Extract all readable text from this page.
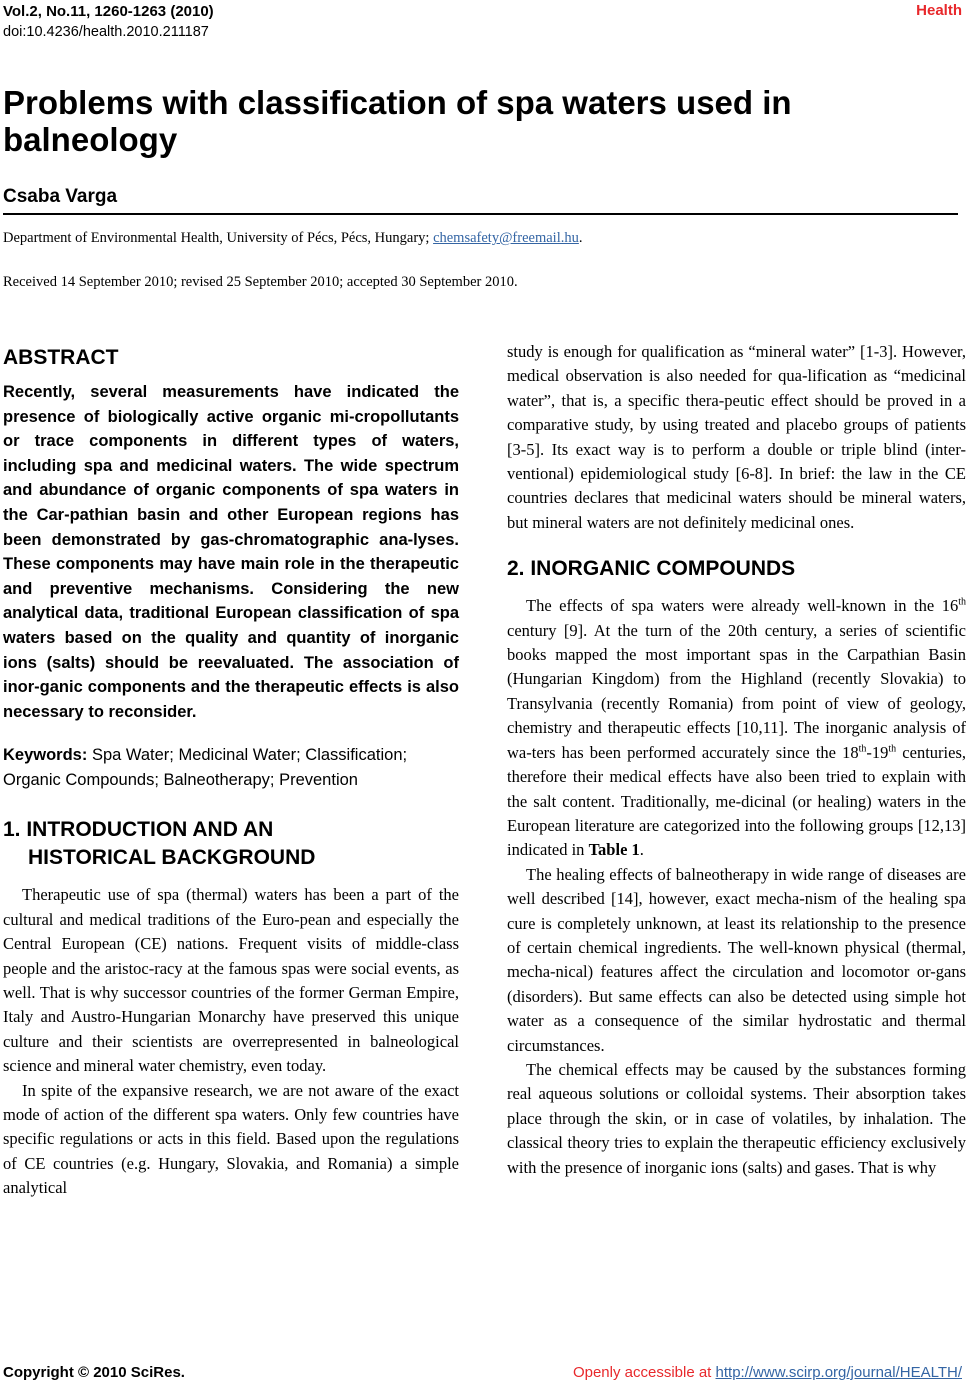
Vol.2, No.11, 1260-1263 (2010)
doi:10.4236/health.2010.211187
Health
Problems with classification of spa waters used in balneology
Csaba Varga
Department of Environmental Health, University of Pécs, Pécs, Hungary; chemsafety@freemail.hu.
Received 14 September 2010; revised 25 September 2010; accepted 30 September 2010.
ABSTRACT

Recently, several measurements have indicated the presence of biologically active organic mi-cropollutants or trace components in different types of waters, including spa and medicinal waters. The wide spectrum and abundance of organic components of spa waters in the Car-pathian basin and other European regions has been demonstrated by gas-chromatographic ana-lyses. These components may have main role in the therapeutic and preventive mechanisms. Considering the new analytical data, traditional European classification of spa waters based on the quality and quantity of inorganic ions (salts) should be reevaluated. The association of inor-ganic components and the therapeutic effects is also necessary to reconsider.

Keywords: Spa Water; Medicinal Water; Classification; Organic Compounds; Balneotherapy; Prevention

1. INTRODUCTION AND AN
HISTORICAL BACKGROUND

Therapeutic use of spa (thermal) waters has been a part of the cultural and medical traditions of the Euro-pean and especially the Central European (CE) nations. Frequent visits of middle-class people and the aristoc-racy at the famous spas were social events, as well. That is why successor countries of the former German Empire, Italy and Austro-Hungarian Monarchy have preserved this unique culture and their scientists are overrepresented in balneological science and mineral water chemistry, even today.

In spite of the expansive research, we are not aware of the exact mode of action of the different spa waters. Only few countries have specific regulations or acts in this field. Based upon the regulations of CE countries (e.g. Hungary, Slovakia, and Romania) a simple analytical

study is enough for qualification as “mineral water” [1-3]. However, medical observation is also needed for qua-lification as “medicinal water”, that is, a specific thera-peutic effect should be proved in a comparative study, by using treated and placebo groups of patients [3-5]. Its exact way is to perform a double or triple blind (inter-ventional) epidemiological study [6-8]. In brief: the law in the CE countries declares that medicinal waters should be mineral waters, but mineral waters are not definitely medicinal ones.

2. INORGANIC COMPOUNDS

The effects of spa waters were already well-known in the 16th century [9]. At the turn of the 20th century, a series of scientific books mapped the most important spas in the Carpathian Basin (Hungarian Kingdom) from the Highland (recently Slovakia) to Transylvania (recently Romania) from point of view of geology, chemistry and therapeutic effects [10,11]. The inorganic analysis of wa-ters has been performed accurately since the 18th-19th centuries, therefore their medical effects have also been tried to explain with the salt content. Traditionally, me-dicinal (or healing) waters in the European literature are categorized into the following groups [12,13] indicated in Table 1.

The healing effects of balneotherapy in wide range of diseases are well described [14], however, exact mecha-nism of the healing spa cure is completely unknown, at least its relationship to the presence of certain chemical ingredients. The well-known physical (thermal, mecha-nical) features affect the circulation and locomotor or-gans (disorders). But same effects can also be detected using simple hot water as a consequence of the similar hydrostatic and thermal circumstances.

The chemical effects may be caused by the substances forming real aqueous solutions or colloidal systems. Their absorption takes place through the skin, or in case of volatiles, by inhalation. The classical theory tries to explain the therapeutic efficiency exclusively with the presence of inorganic ions (salts) and gases. That is why

Copyright © 2010 SciRes.	Openly accessible at http://www.scirp.org/journal/HEALTH/
